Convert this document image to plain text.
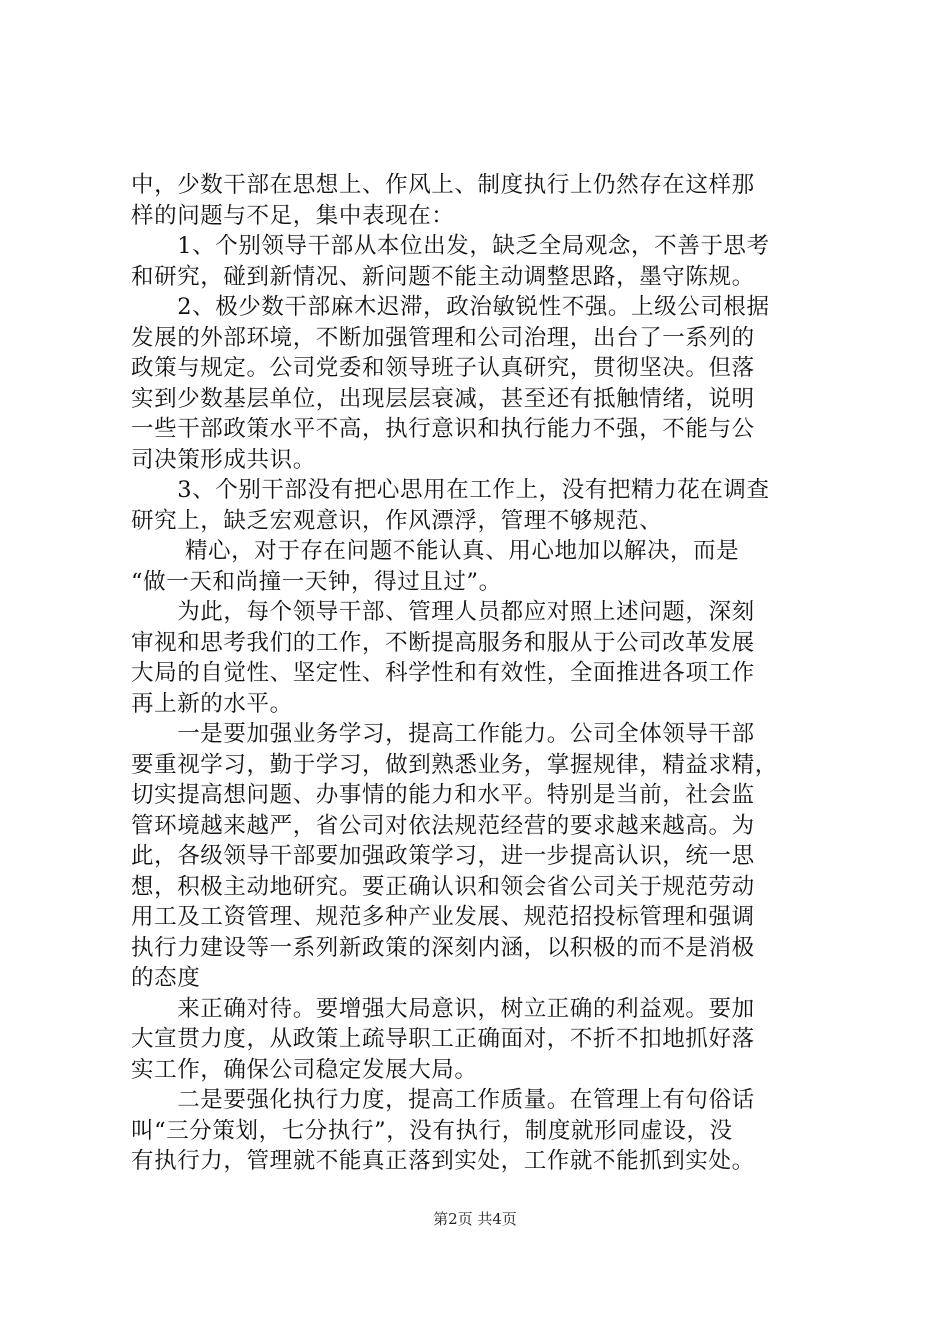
中，少数干部在思想上、作风上、制度执行上仍然存在这样那
样的问题与不足，集中表现在：
　　1、个别领导干部从本位出发，缺乏全局观念，不善于思考
和研究，碰到新情况、新问题不能主动调整思路，墨守陈规。
　　2、极少数干部麻木迟滞，政治敏锐性不强。上级公司根据
发展的外部环境，不断加强管理和公司治理，出台了一系列的
政策与规定。公司党委和领导班子认真研究，贯彻坚决。但落
实到少数基层单位，出现层层衰减，甚至还有抵触情绪，说明
一些干部政策水平不高，执行意识和执行能力不强，不能与公
司决策形成共识。
　　3、个别干部没有把心思用在工作上，没有把精力花在调查
研究上，缺乏宏观意识，作风漂浮，管理不够规范、
　　 精心，对于存在问题不能认真、用心地加以解决，而是
“做一天和尚撞一天钟，得过且过”。
　　为此，每个领导干部、管理人员都应对照上述问题，深刻
审视和思考我们的工作，不断提高服务和服从于公司改革发展
大局的自觉性、坚定性、科学性和有效性，全面推进各项工作
再上新的水平。
　　一是要加强业务学习，提高工作能力。公司全体领导干部
要重视学习，勤于学习，做到熟悉业务，掌握规律，精益求精，
切实提高想问题、办事情的能力和水平。特别是当前，社会监
管环境越来越严，省公司对依法规范经营的要求越来越高。为
此，各级领导干部要加强政策学习，进一步提高认识，统一思
想，积极主动地研究。要正确认识和领会省公司关于规范劳动
用工及工资管理、规范多种产业发展、规范招投标管理和强调
执行力建设等一系列新政策的深刻内涵，以积极的而不是消极
的态度
　　来正确对待。要增强大局意识，树立正确的利益观。要加
大宣贯力度，从政策上疏导职工正确面对，不折不扣地抓好落
实工作，确保公司稳定发展大局。
　　二是要强化执行力度，提高工作质量。在管理上有句俗话
叫“三分策划，七分执行”，没有执行，制度就形同虚设，没
有执行力，管理就不能真正落到实处，工作就不能抓到实处。
第2页 共4页
